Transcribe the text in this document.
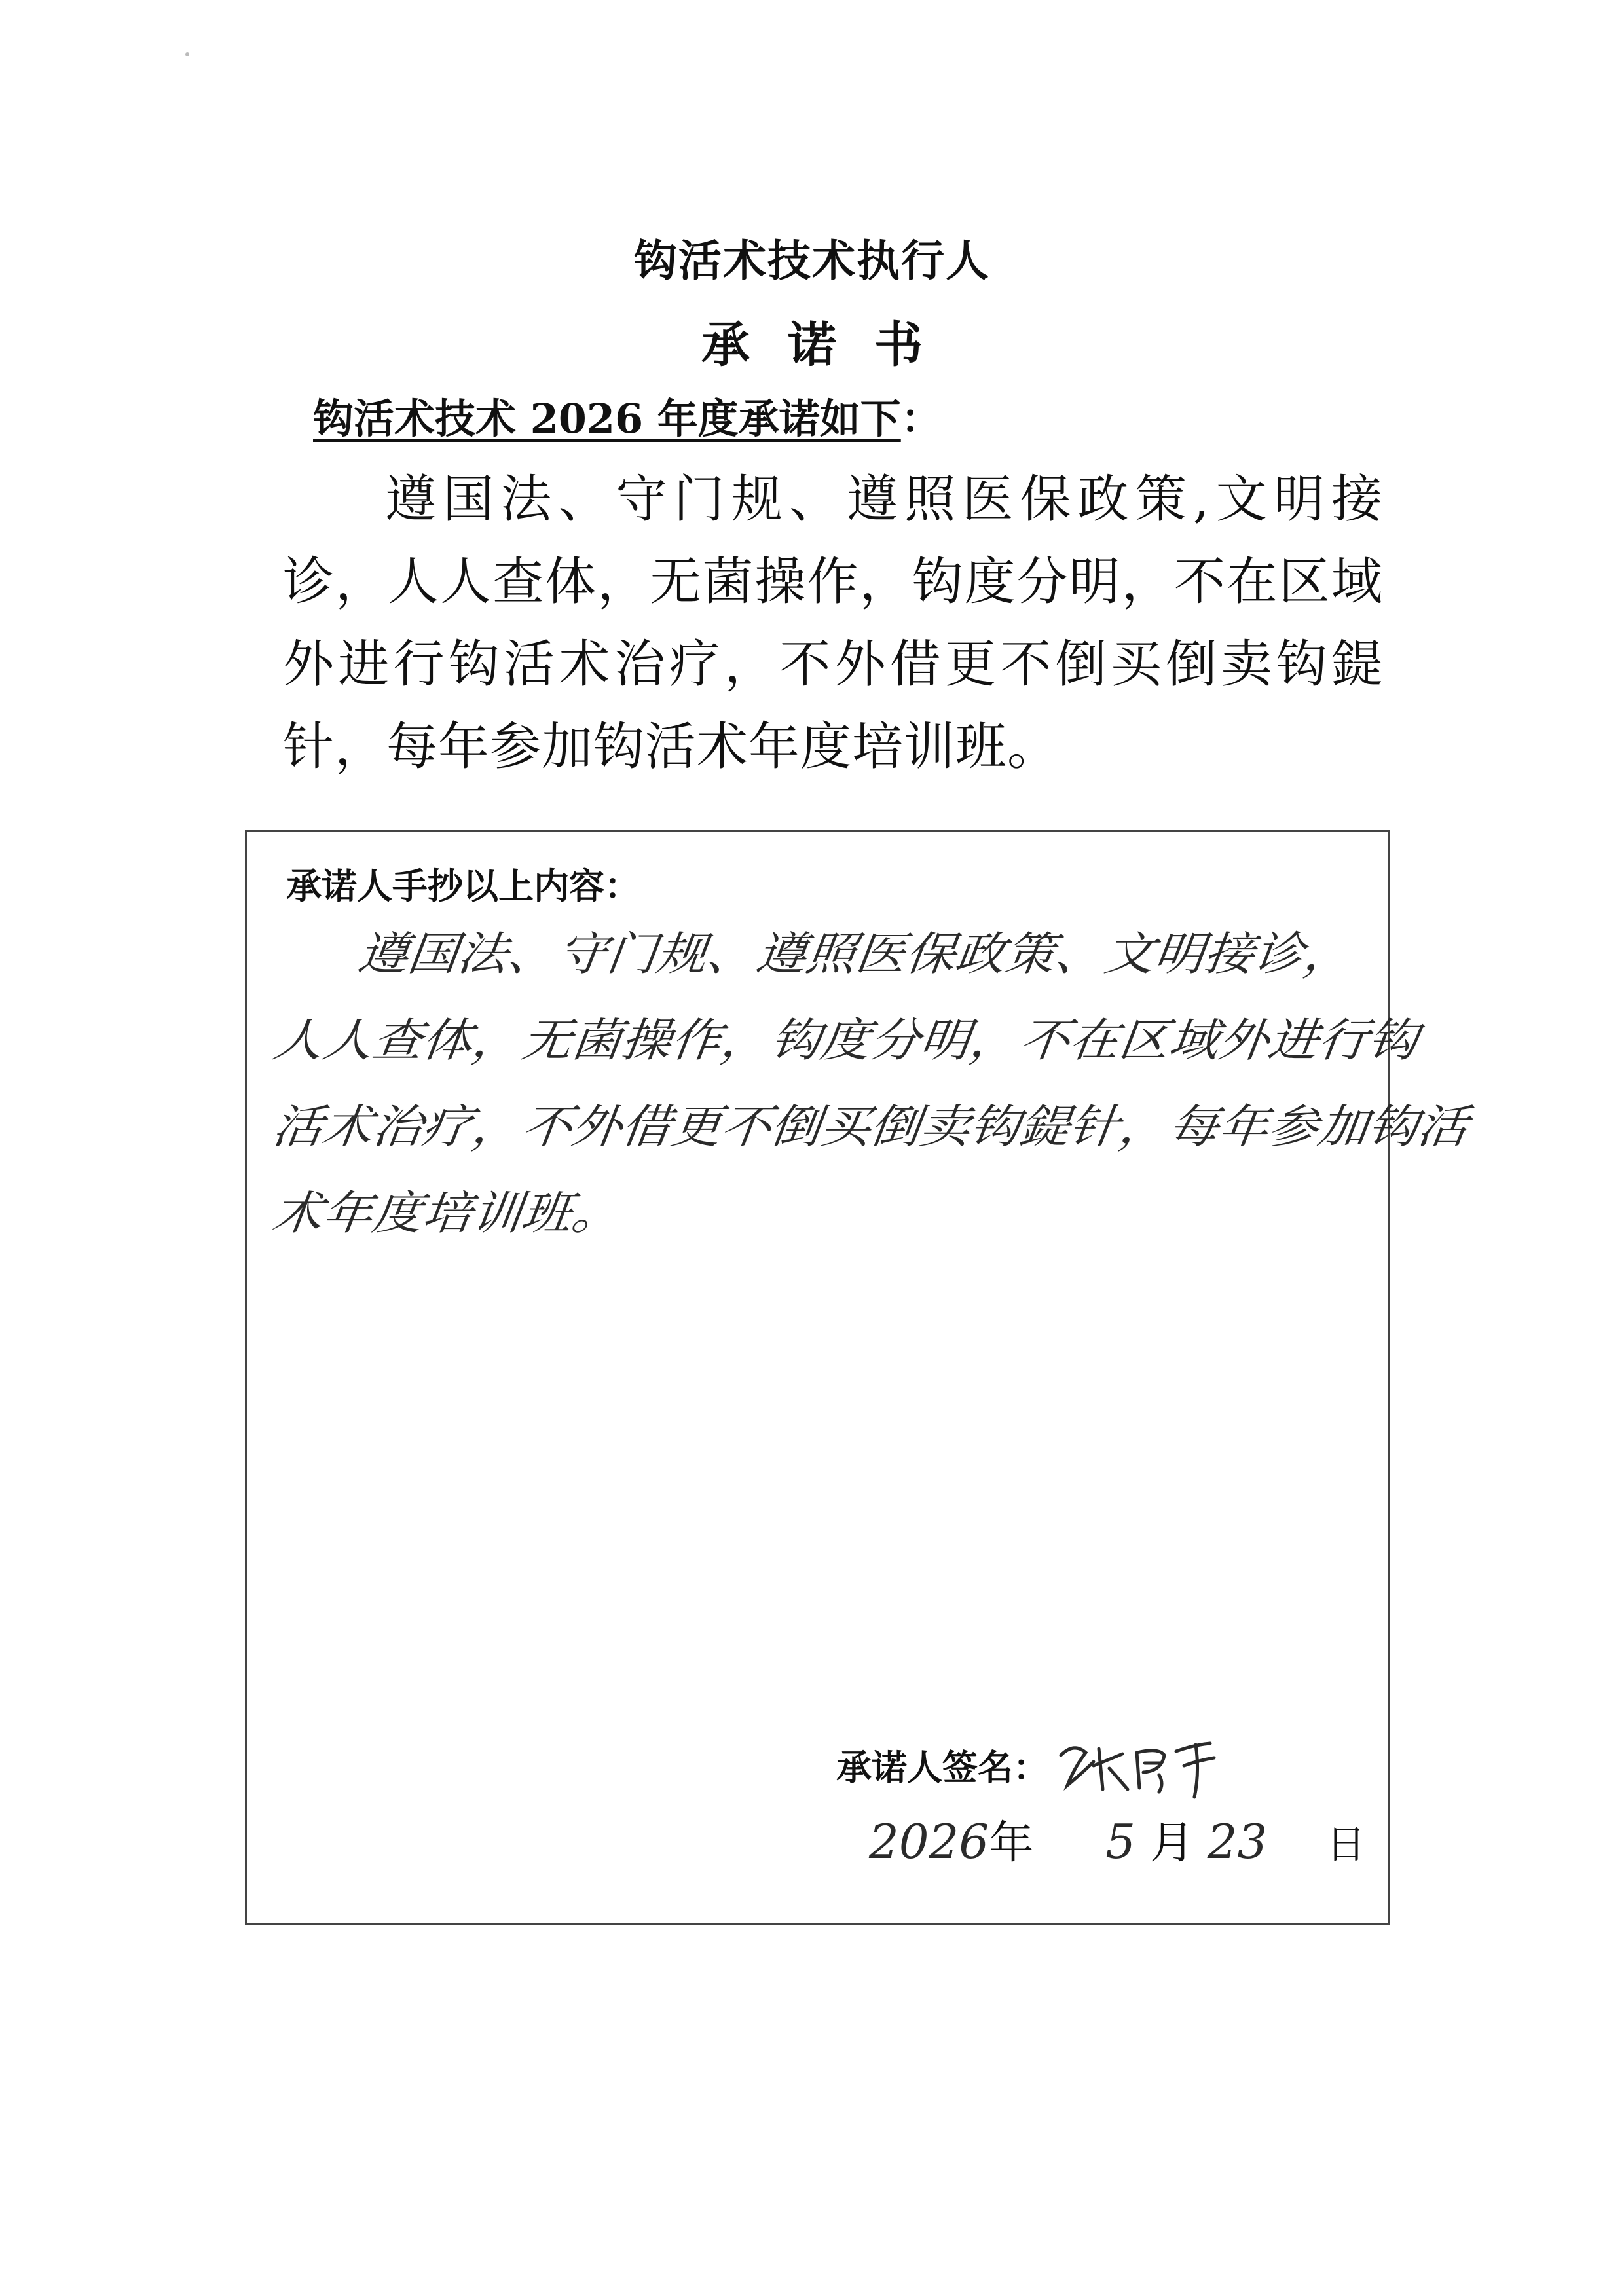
钩活术技术执行人
承诺书
钩活术技术 2026 年度承诺如下：
遵国法、守门规、遵照医保政策,文明接诊，人人查体，无菌操作，钩度分明，不在区域外进行钩活术治疗，不外借更不倒买倒卖钩鍉针，每年参加钩活术年度培训班。
承诺人手抄以上内容：
遵国法、守门规、遵照医保政策、文明接诊，
人人查体，无菌操作，钩度分明，不在区域外进行钩
活术治疗，不外借更不倒买倒卖钩鍉针，每年参加钩活
术年度培训班。
承诺人签名：
2026年 5 月 23 日
